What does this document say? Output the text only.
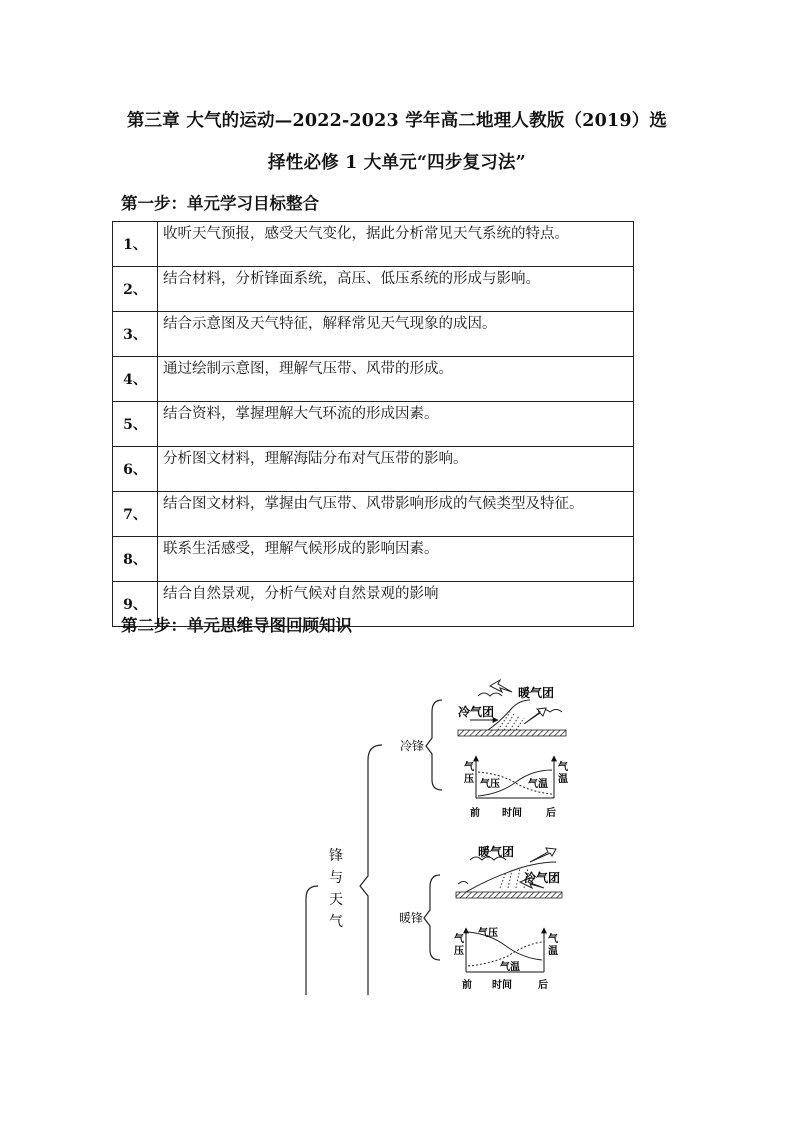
第三章 大气的运动—2022-2023 学年高二地理人教版（2019）选
择性必修 1 大单元“四步复习法”
第一步：单元学习目标整合
1、	收听天气预报，感受天气变化，据此分析常见天气系统的特点。
2、	结合材料，分析锋面系统，高压、低压系统的形成与影响。
3、	结合示意图及天气特征，解释常见天气现象的成因。
4、	通过绘制示意图，理解气压带、风带的形成。
5、	结合资料，掌握理解大气环流的形成因素。
6、	分析图文材料，理解海陆分布对气压带的影响。
7、	结合图文材料，掌握由气压带、风带影响形成的气候类型及特征。
8、	联系生活感受，理解气候形成的影响因素。
9、	结合自然景观，分析气候对自然景观的影响
第二步：单元思维导图回顾知识
锋
与
天
气
冷锋
暖锋
暖气团
冷气团
气
压
气
温
气压	气温
前 时间 后
暖气团
冷气团
气
压
气
温
气压
气温
前 时间	后
